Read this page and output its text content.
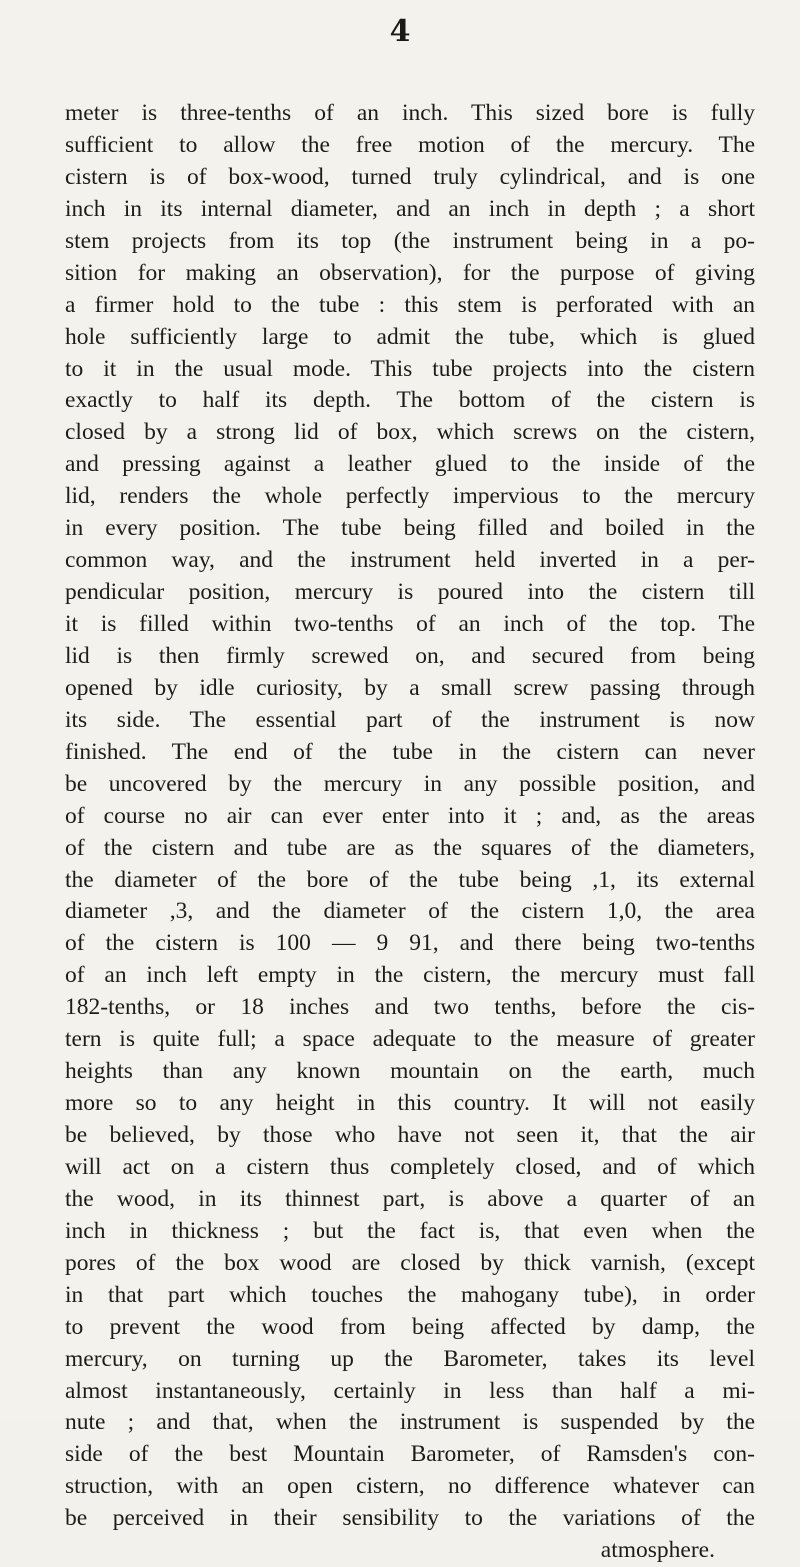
4
meter is three-tenths of an inch. This sized bore is fully
sufficient to allow the free motion of the mercury. The
cistern is of box-wood, turned truly cylindrical, and is one
inch in its internal diameter, and an inch in depth ; a short
stem projects from its top (the instrument being in a po-
sition for making an observation), for the purpose of giving
a firmer hold to the tube : this stem is perforated with an
hole sufficiently large to admit the tube, which is glued
to it in the usual mode. This tube projects into the cistern
exactly to half its depth. The bottom of the cistern is
closed by a strong lid of box, which screws on the cistern,
and pressing against a leather glued to the inside of the
lid, renders the whole perfectly impervious to the mercury
in every position. The tube being filled and boiled in the
common way, and the instrument held inverted in a per-
pendicular position, mercury is poured into the cistern till
it is filled within two-tenths of an inch of the top. The
lid is then firmly screwed on, and secured from being
opened by idle curiosity, by a small screw passing through
its side. The essential part of the instrument is now
finished. The end of the tube in the cistern can never
be uncovered by the mercury in any possible position, and
of course no air can ever enter into it ; and, as the areas
of the cistern and tube are as the squares of the diameters,
the diameter of the bore of the tube being ,1, its external
diameter ,3, and the diameter of the cistern 1,0, the area
of the cistern is 100 — 9 91, and there being two-tenths
of an inch left empty in the cistern, the mercury must fall
182-tenths, or 18 inches and two tenths, before the cis-
tern is quite full; a space adequate to the measure of greater
heights than any known mountain on the earth, much
more so to any height in this country. It will not easily
be believed, by those who have not seen it, that the air
will act on a cistern thus completely closed, and of which
the wood, in its thinnest part, is above a quarter of an
inch in thickness ; but the fact is, that even when the
pores of the box wood are closed by thick varnish, (except
in that part which touches the mahogany tube), in order
to prevent the wood from being affected by damp, the
mercury, on turning up the Barometer, takes its level
almost instantaneously, certainly in less than half a mi-
nute ; and that, when the instrument is suspended by the
side of the best Mountain Barometer, of Ramsden's con-
struction, with an open cistern, no difference whatever can
be perceived in their sensibility to the variations of the
atmosphere.
